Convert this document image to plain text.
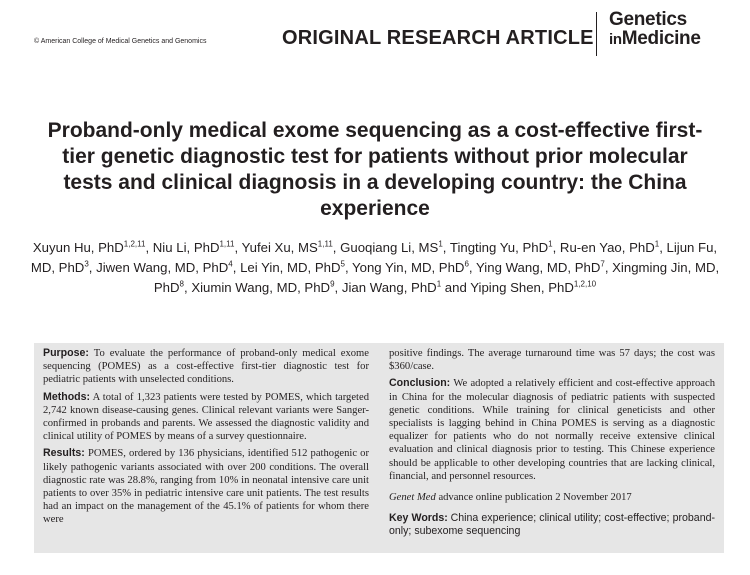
© American College of Medical Genetics and Genomics	ORIGINAL RESEARCH ARTICLE
Genetics
inMedicine
Proband-only medical exome sequencing as a cost-effective first-tier genetic diagnostic test for patients without prior molecular tests and clinical diagnosis in a developing country: the China experience
Xuyun Hu, PhD$^{1,2,11}$, Niu Li, PhD$^{1,11}$, Yufei Xu, MS$^{1,11}$, Guoqiang Li, $MS^1$, Tingting Yu, PhD$^1$, Ru-en Yao, PhD$^1$, Lijun Fu, MD, PhD$^3$, Jiwen Wang, MD, PhD$^4$, Lei Yin, MD, PhD$^5$, Yong Yin, MD, PhD$^6$, Ying Wang, MD, PhD$^7$, Xingming Jin, MD, PhD$^8$, Xiumin Wang, MD, PhD$^9$, Jian Wang, PhD$^1$ and Yiping Shen, PhD$^{1,2,10}$

Purpose: To evaluate the performance of proband-only medical exome sequencing (POMES) as a cost-effective first-tier diagnostic test for pediatric patients with unselected conditions.

Methods: A total of 1,323 patients were tested by POMES, which targeted 2,742 known disease-causing genes. Clinical relevant variants were Sanger-confirmed in probands and parents. We assessed the diagnostic validity and clinical utility of POMES by means of a survey questionnaire.

Results: POMES, ordered by 136 physicians, identified 512 pathogenic or likely pathogenic variants associated with over 200 conditions. The overall diagnostic rate was 28.8%, ranging from 10% in neonatal intensive care unit patients to over 35% in pediatric intensive care unit patients. The test results had an impact on the management of the 45.1% of patients for whom there were

positive findings. The average turnaround time was 57 days; the cost was $360/case.

Conclusion: We adopted a relatively efficient and cost-effective approach in China for the molecular diagnosis of pediatric patients with suspected genetic conditions. While training for clinical geneticists and other specialists is lagging behind in China POMES is serving as a diagnostic equalizer for patients who do not normally receive extensive clinical evaluation and clinical diagnosis prior to testing. This Chinese experience should be applicable to other developing countries that are lacking clinical, financial, and personnel resources.

Genet Med advance online publication 2 November 2017

Key Words: China experience; clinical utility; cost-effective; proband-only; subexome sequencing
